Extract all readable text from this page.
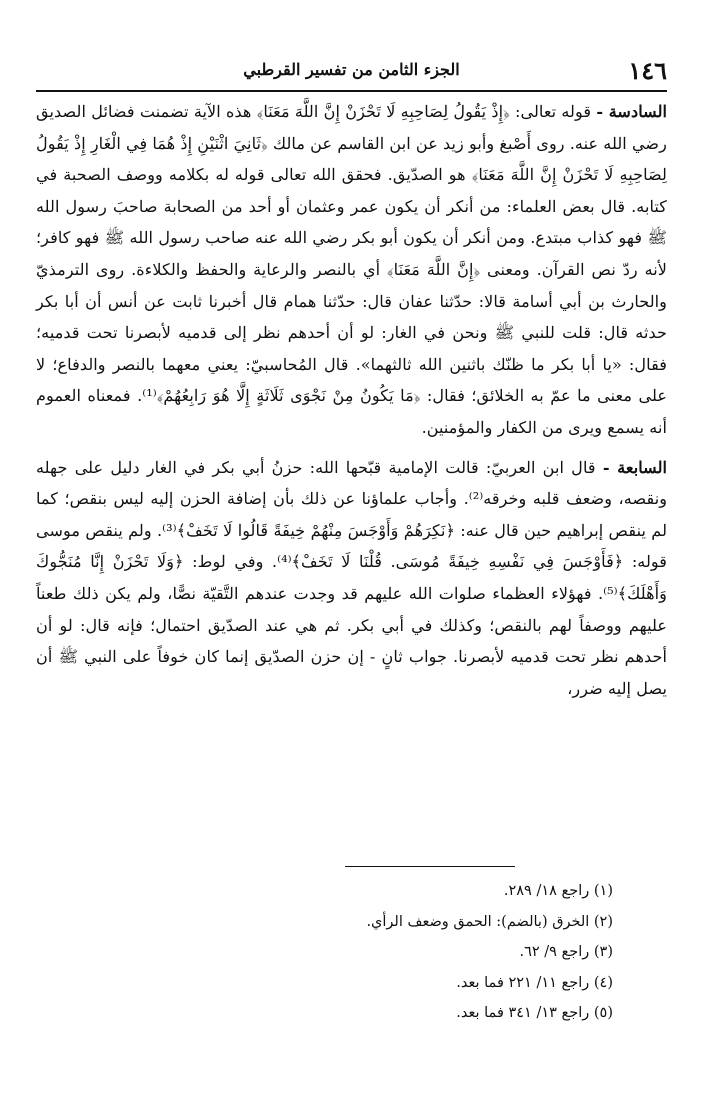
١٤٦
الجزء الثامن من تفسير القرطبي

السادسة - قوله تعالى: ﴿إِذْ يَقُولُ لِصَاحِبِهِ لَا تَحْزَنْ إِنَّ اللَّهَ مَعَنَا﴾ هذه الآية تضمنت فضائل الصديق رضي الله عنه. روى أَصْبغ وأبو زيد عن ابن القاسم عن مالك ﴿ثَانِيَ اثْنَيْنِ إِذْ هُمَا فِي الْغَارِ إِذْ يَقُولُ لِصَاحِبِهِ لَا تَحْزَنْ إِنَّ اللَّهَ مَعَنَا﴾ هو الصدّيق. فحقق الله تعالى قوله له بكلامه ووصف الصحبة في كتابه. قال بعض العلماء: من أنكر أن يكون عمر وعثمان أو أحد من الصحابة صاحبَ رسول الله ﷺ فهو كذاب مبتدع. ومن أنكر أن يكون أبو بكر رضي الله عنه صاحب رسول الله ﷺ فهو كافر؛ لأنه ردّ نص القرآن. ومعنى ﴿إِنَّ اللَّهَ مَعَنَا﴾ أي بالنصر والرعاية والحفظ والكلاءة. روى الترمذيّ والحارث بن أبي أسامة قالا: حدّثنا عفان قال: حدّثنا همام قال أخبرنا ثابت عن أنس أن أبا بكر حدثه قال: قلت للنبي ﷺ ونحن في الغار: لو أن أحدهم نظر إلى قدميه لأبصرنا تحت قدميه؛ فقال: «يا أبا بكر ما ظنّك باثنين الله ثالثهما». قال المُحاسبيّ: يعني معهما بالنصر والدفاع؛ لا على معنى ما عمّ به الخلائق؛ فقال: ﴿مَا يَكُونُ مِنْ نَجْوَى ثَلَاثَةٍ إِلَّا هُوَ رَابِعُهُمْ﴾⁽¹⁾. فمعناه العموم أنه يسمع ويرى من الكفار والمؤمنين.

السابعة - قال ابن العربيّ: قالت الإمامية قبّحها الله: حزنُ أبي بكر في الغار دليل على جهله ونقصه، وضعف قلبه وخرقه⁽²⁾. وأجاب علماؤنا عن ذلك بأن إضافة الحزن إليه ليس بنقص؛ كما لم ينقص إبراهيم حين قال عنه: ﴿نَكِرَهُمْ وَأَوْجَسَ مِنْهُمْ خِيفَةً قَالُوا لَا تَخَفْ﴾⁽³⁾. ولم ينقص موسى قوله: ﴿فَأَوْجَسَ فِي نَفْسِهِ خِيفَةً مُوسَى. قُلْنَا لَا تَخَفْ﴾⁽⁴⁾. وفي لوط: ﴿وَلَا تَحْزَنْ إِنَّا مُنَجُّوكَ وَأَهْلَكَ﴾⁽⁵⁾. فهؤلاء العظماء صلوات الله عليهم قد وجدت عندهم التَّقيّة نصًّا، ولم يكن ذلك طعناً عليهم ووصفاً لهم بالنقص؛ وكذلك في أبي بكر. ثم هي عند الصدّيق احتمال؛ فإنه قال: لو أن أحدهم نظر تحت قدميه لأبصرنا. جواب ثانٍ - إن حزن الصدّيق إنما كان خوفاً على النبي ﷺ أن يصل إليه ضرر،

(١) راجع ١٨/ ٢٨٩.
(٢) الخرق (بالضم): الحمق وضعف الرأي.
(٣) راجع ٩/ ٦٢.
(٤) راجع ١١/ ٢٢١ فما بعد.
(٥) راجع ١٣/ ٣٤١ فما بعد.
